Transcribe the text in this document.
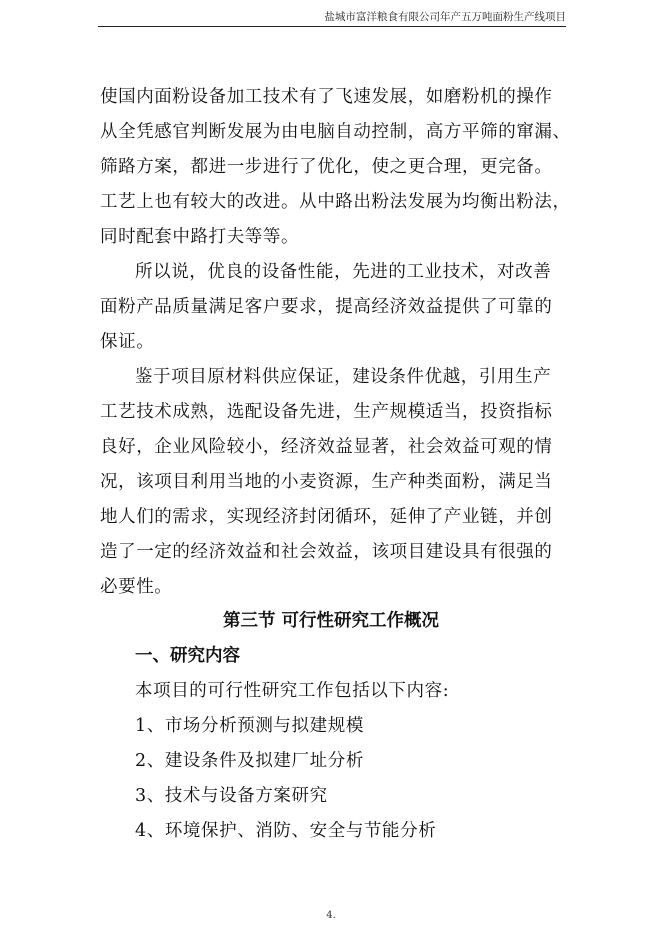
盐城市富洋粮食有限公司年产五万吨面粉生产线项目
使国内面粉设备加工技术有了飞速发展，如磨粉机的操作
从全凭感官判断发展为由电脑自动控制，高方平筛的窜漏、
筛路方案，都进一步进行了优化，使之更合理，更完备。
工艺上也有较大的改进。从中路出粉法发展为均衡出粉法，
同时配套中路打夫等等。
所以说，优良的设备性能，先进的工业技术，对改善
面粉产品质量满足客户要求，提高经济效益提供了可靠的
保证。
鉴于项目原材料供应保证，建设条件优越，引用生产
工艺技术成熟，选配设备先进，生产规模适当，投资指标
良好，企业风险较小，经济效益显著，社会效益可观的情
况，该项目利用当地的小麦资源，生产种类面粉，满足当
地人们的需求，实现经济封闭循环，延伸了产业链，并创
造了一定的经济效益和社会效益，该项目建设具有很强的
必要性。
第三节 可行性研究工作概况
一、研究内容
本项目的可行性研究工作包括以下内容:
1、市场分析预测与拟建规模
2、建设条件及拟建厂址分析
3、技术与设备方案研究
4、环境保护、消防、安全与节能分析
4.
